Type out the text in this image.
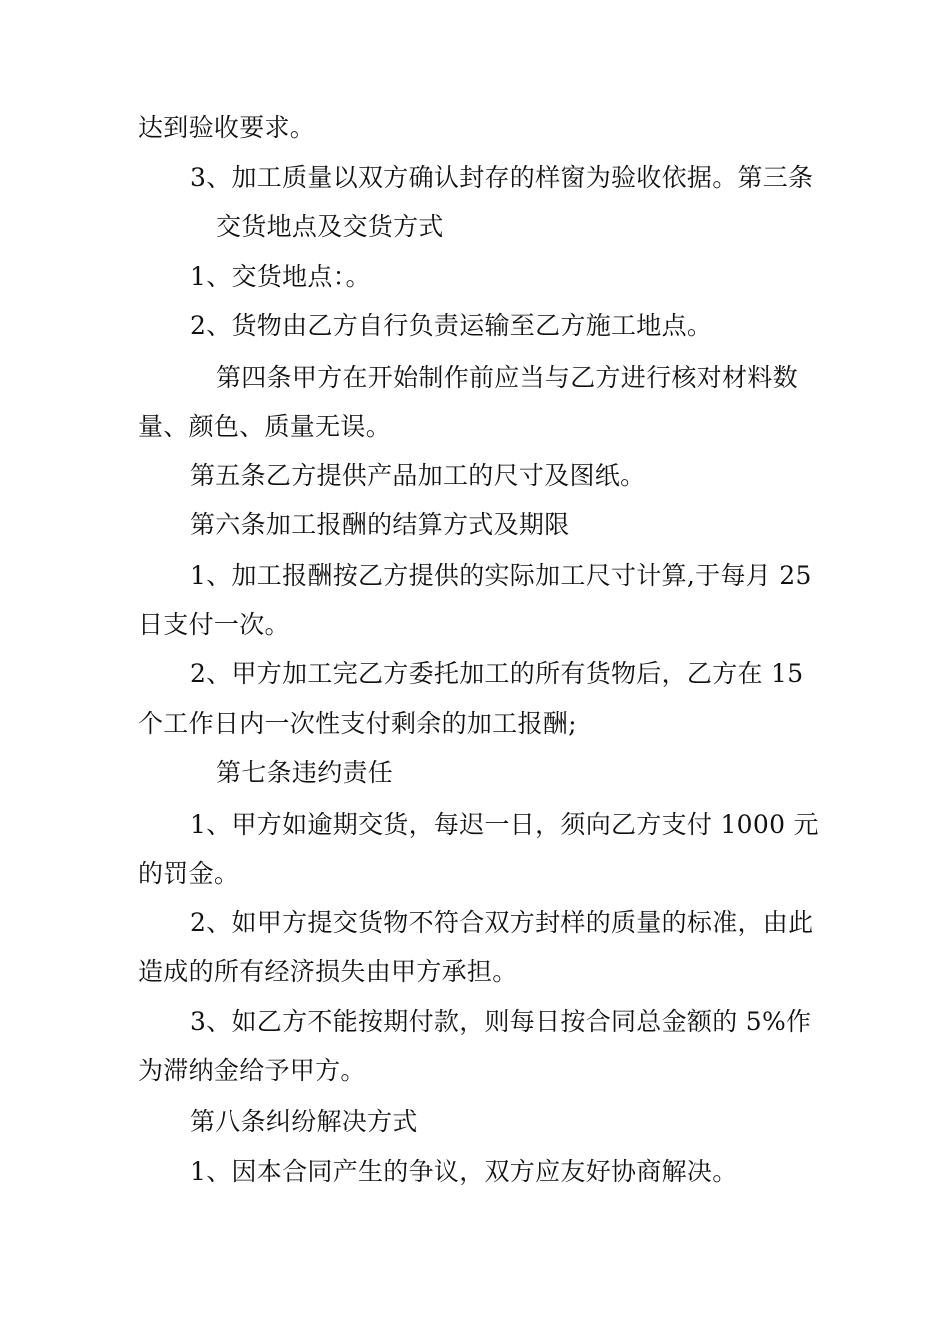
达到验收要求。

3、加工质量以双方确认封存的样窗为验收依据。第三条

交货地点及交货方式

1、交货地点：。

2、货物由乙方自行负责运输至乙方施工地点。

第四条甲方在开始制作前应当与乙方进行核对材料数

量、颜色、质量无误。

第五条乙方提供产品加工的尺寸及图纸。

第六条加工报酬的结算方式及期限

1、加工报酬按乙方提供的实际加工尺寸计算,于每月 25

日支付一次。

2、甲方加工完乙方委托加工的所有货物后，乙方在 15

个工作日内一次性支付剩余的加工报酬;

第七条违约责任

1、甲方如逾期交货，每迟一日，须向乙方支付 1000 元

的罚金。

2、如甲方提交货物不符合双方封样的质量的标准，由此

造成的所有经济损失由甲方承担。

3、如乙方不能按期付款，则每日按合同总金额的 5%作

为滞纳金给予甲方。

第八条纠纷解决方式

1、因本合同产生的争议，双方应友好协商解决。
